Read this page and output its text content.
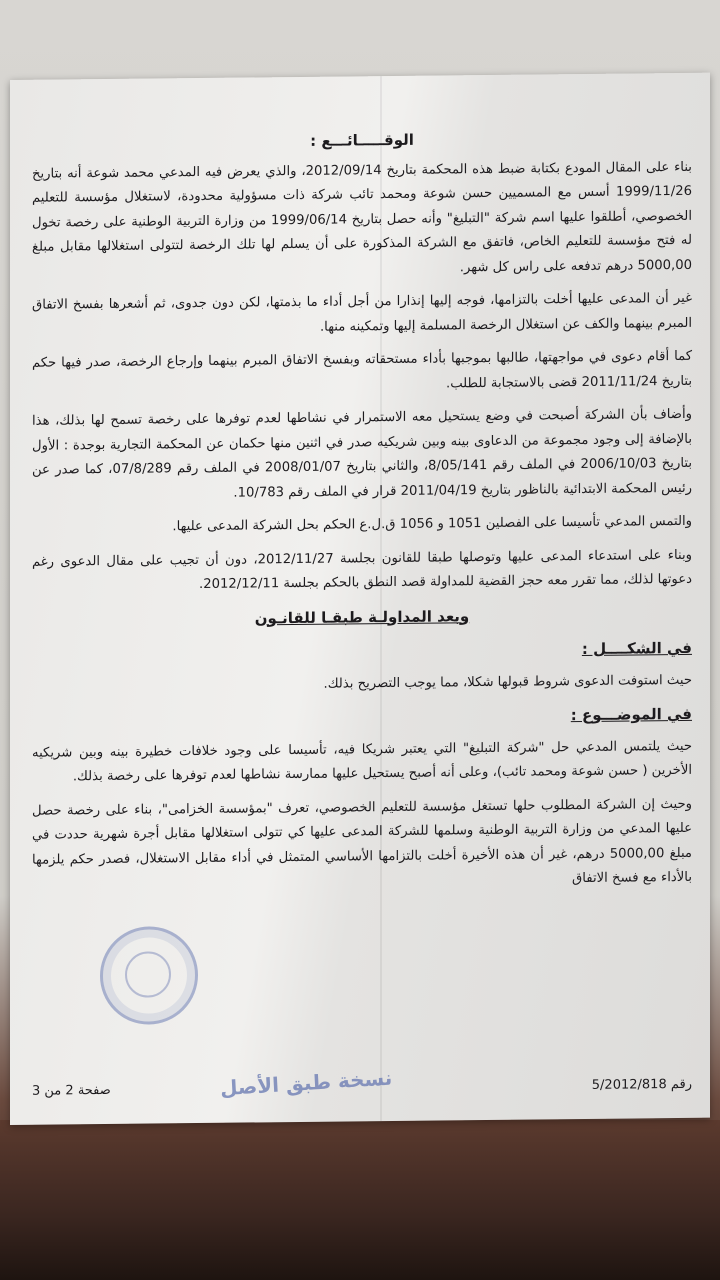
الوقـــــائـــع :

بناء على المقال المودع بكتابة ضبط هذه المحكمة بتاريخ 2012/09/14، والذي يعرض فيه المدعي محمد شوعة أنه بتاريخ 1999/11/26 أسس مع المسميين حسن شوعة ومحمد تائب شركة ذات مسؤولية محدودة، لاستغلال مؤسسة للتعليم الخصوصي، أطلقوا عليها اسم شركة "التبليغ" وأنه حصل بتاريخ 1999/06/14 من وزارة التربية الوطنية على رخصة تخول له فتح مؤسسة للتعليم الخاص، فاتفق مع الشركة المذكورة على أن يسلم لها تلك الرخصة لتتولى استغلالها مقابل مبلغ 5000,00 درهم تدفعه على راس كل شهر.

غير أن المدعى عليها أخلت بالتزامها، فوجه إليها إنذارا من أجل أداء ما بذمتها، لكن دون جدوى، ثم أشعرها بفسخ الاتفاق المبرم بينهما والكف عن استغلال الرخصة المسلمة إليها وتمكينه منها.

كما أقام دعوى في مواجهتها، طالبها بموجبها بأداء مستحقاته وبفسخ الاتفاق المبرم بينهما وإرجاع الرخصة، صدر فيها حكم بتاريخ 2011/11/24 قضى بالاستجابة للطلب.

وأضاف بأن الشركة أصبحت في وضع يستحيل معه الاستمرار في نشاطها لعدم توفرها على رخصة تسمح لها بذلك، هذا بالإضافة إلى وجود مجموعة من الدعاوى بينه وبين شريكيه صدر في اثنين منها حكمان عن المحكمة التجارية بوجدة : الأول بتاريخ 2006/10/03 في الملف رقم 8/05/141، والثاني بتاريخ 2008/01/07 في الملف رقم 07/8/289، كما صدر عن رئيس المحكمة الابتدائية بالناظور بتاريخ 2011/04/19 قرار في الملف رقم 10/783.

والتمس المدعي تأسيسا على الفصلين 1051 و 1056 ق.ل.ع الحكم بحل الشركة المدعى عليها.

وبناء على استدعاء المدعى عليها وتوصلها طبقا للقانون بجلسة 2012/11/27، دون أن تجيب على مقال الدعوى رغم دعوتها لذلك، مما تقرر معه حجز القضية للمداولة قصد النطق بالحكم بجلسة 2012/12/11.

وبعد المداولـة طبقـا للقانـون

في الشكــــل :

حيث استوفت الدعوى شروط قبولها شكلا، مما يوجب التصريح بذلك.

في الموضـــوع :

حيث يلتمس المدعي حل "شركة التبليغ" التي يعتبر شريكا فيه، تأسيسا على وجود خلافات خطيرة بينه وبين شريكيه الأخرين ( حسن شوعة ومحمد تائب)، وعلى أنه أصبح يستحيل عليها ممارسة نشاطها لعدم توفرها على رخصة بذلك.

وحيث إن الشركة المطلوب حلها تستغل مؤسسة للتعليم الخصوصي، تعرف "بمؤسسة الخزامى"، بناء على رخصة حصل عليها المدعي من وزارة التربية الوطنية وسلمها للشركة المدعى عليها كي تتولى استغلالها مقابل أجرة شهرية حددت في مبلغ 5000,00 درهم، غير أن هذه الأخيرة أخلت بالتزامها الأساسي المتمثل في أداء مقابل الاستغلال، فصدر حكم يلزمها بالأداء مع فسخ الاتفاق

نسخة طبق الأصل
صفحة 2 من 3	رقم 5/2012/818
